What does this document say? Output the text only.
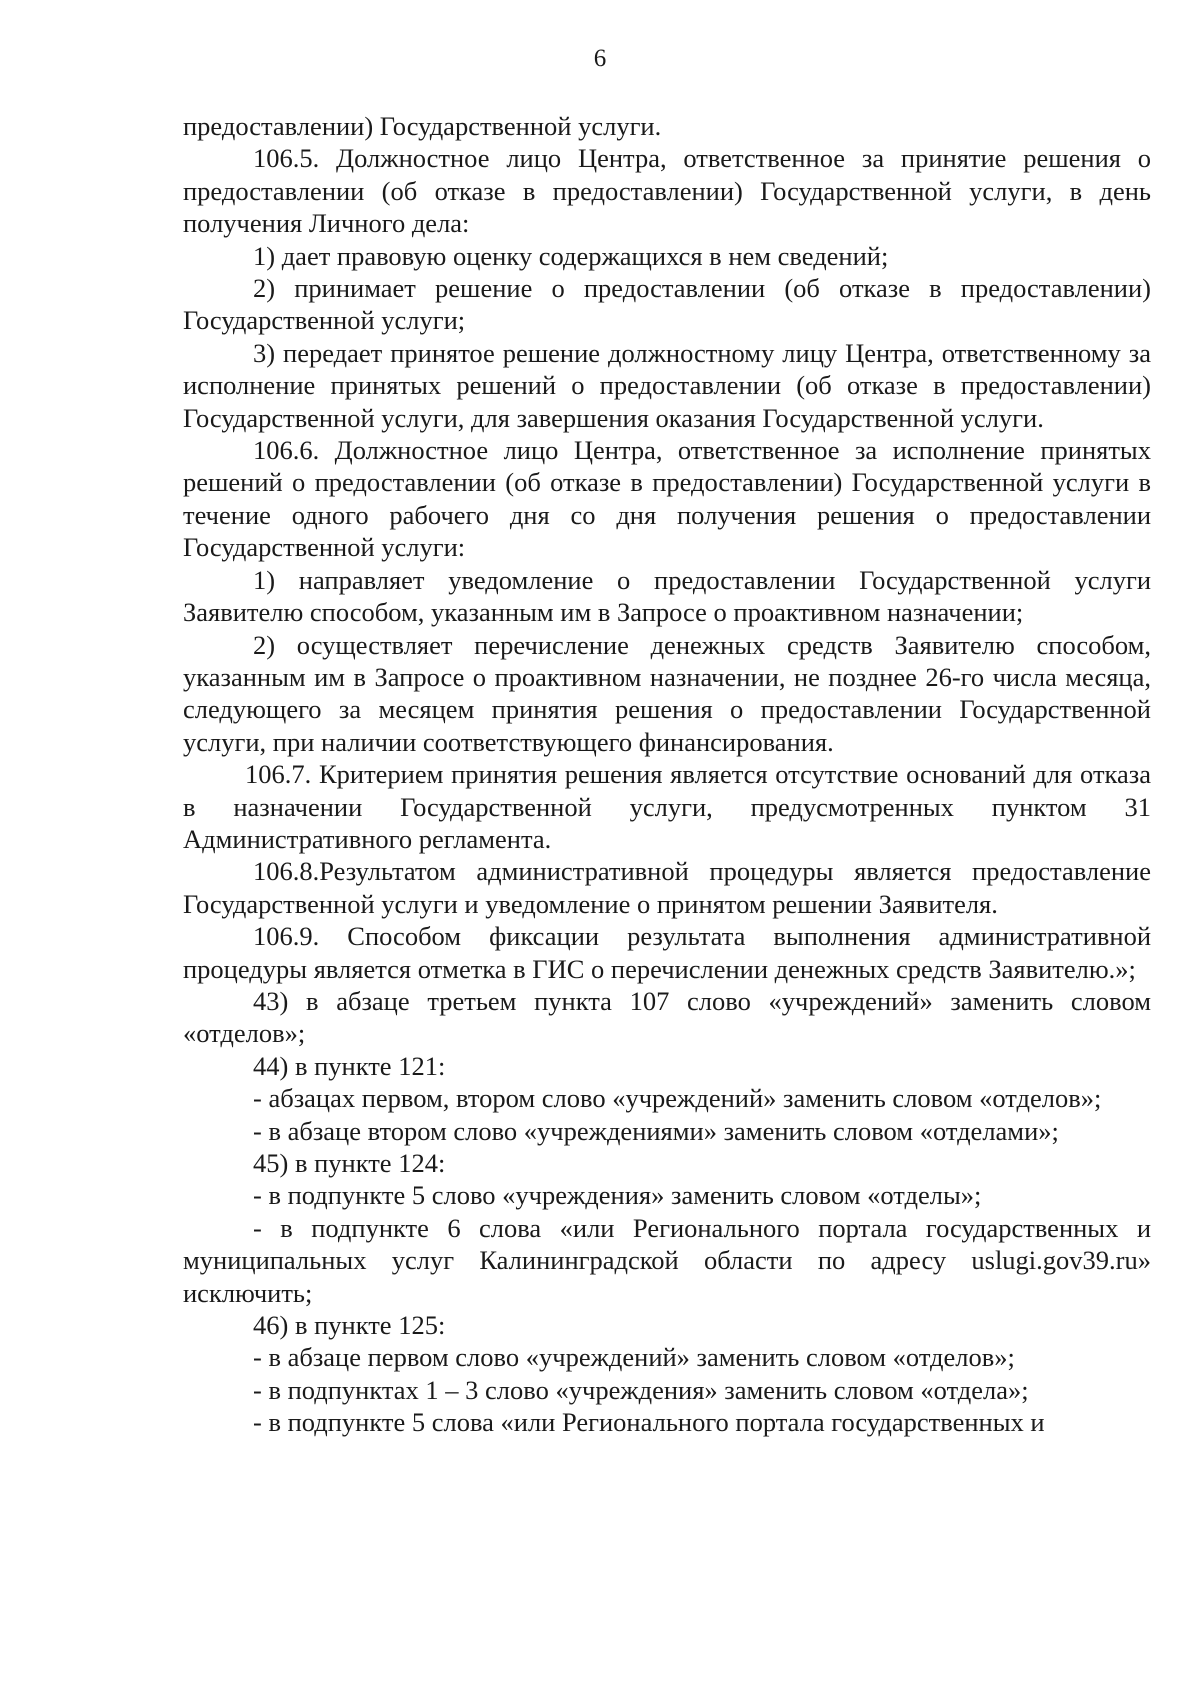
6

предоставлении) Государственной услуги.

106.5. Должностное лицо Центра, ответственное за принятие решения о предоставлении (об отказе в предоставлении) Государственной услуги, в день получения Личного дела:

1) дает правовую оценку содержащихся в нем сведений;

2) принимает решение о предоставлении (об отказе в предоставлении) Государственной услуги;

3) передает принятое решение должностному лицу Центра, ответственному за исполнение принятых решений о предоставлении (об отказе в предоставлении) Государственной услуги, для завершения оказания Государственной услуги.

106.6. Должностное лицо Центра, ответственное за исполнение принятых решений о предоставлении (об отказе в предоставлении) Государственной услуги в течение одного рабочего дня со дня получения решения о предоставлении Государственной услуги:

1) направляет уведомление о предоставлении Государственной услуги Заявителю способом, указанным им в Запросе о проактивном назначении;

2) осуществляет перечисление денежных средств Заявителю способом, указанным им в Запросе о проактивном назначении, не позднее 26-го числа месяца, следующего за месяцем принятия решения о предоставлении Государственной услуги, при наличии соответствующего финансирования.

106.7. Критерием принятия решения является отсутствие оснований для отказа в назначении Государственной услуги, предусмотренных пунктом 31 Административного регламента.

106.8.Результатом административной процедуры является предоставление Государственной услуги и уведомление о принятом решении Заявителя.

106.9. Способом фиксации результата выполнения административной процедуры является отметка в ГИС о перечислении денежных средств Заявителю.»;

43) в абзаце третьем пункта 107 слово «учреждений» заменить словом «отделов»;

44) в пункте 121:

- абзацах первом, втором слово «учреждений» заменить словом «отделов»;

- в абзаце втором слово «учреждениями» заменить словом «отделами»;

45) в пункте 124:

- в подпункте 5 слово «учреждения» заменить словом «отделы»;

- в подпункте 6 слова «или Регионального портала государственных и муниципальных услуг Калининградской области по адресу uslugi.gov39.ru» исключить;

46) в пункте 125:

- в абзаце первом слово «учреждений» заменить словом «отделов»;

- в подпунктах 1 – 3 слово «учреждения» заменить словом «отдела»;

- в подпункте 5 слова «или Регионального портала государственных и
